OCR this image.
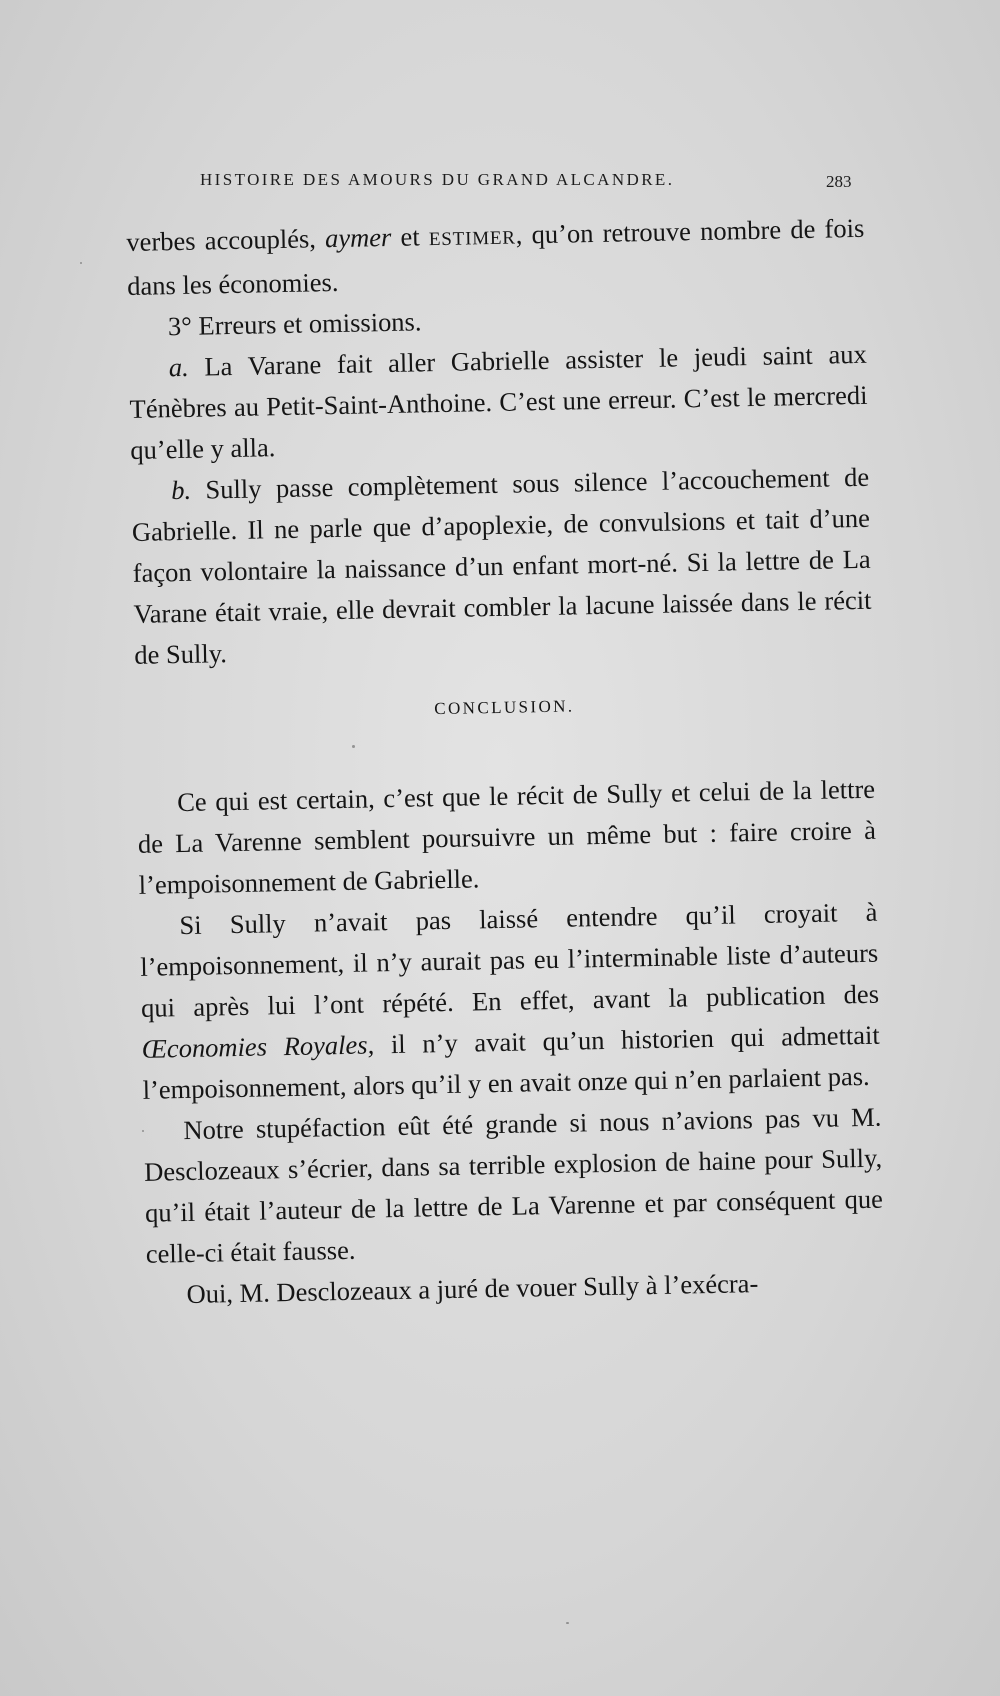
HISTOIRE DES AMOURS DU GRAND ALCANDRE.	283

verbes accouplés, aymer et ESTIMER, qu’on retrouve nombre de fois dans les économies.

3° Erreurs et omissions.

a. La Varane fait aller Gabrielle assister le jeudi saint aux Ténèbres au Petit-Saint-Anthoine. C’est une erreur. C’est le mercredi qu’elle y alla.

b. Sully passe complètement sous silence l’accouchement de Gabrielle. Il ne parle que d’apoplexie, de convulsions et tait d’une façon volontaire la naissance d’un enfant mort-né. Si la lettre de La Varane était vraie, elle devrait combler la lacune laissée dans le récit de Sully.

CONCLUSION.

Ce qui est certain, c’est que le récit de Sully et celui de la lettre de La Varenne semblent poursuivre un même but : faire croire à l’empoisonnement de Gabrielle.

Si Sully n’avait pas laissé entendre qu’il croyait à l’empoisonnement, il n’y aurait pas eu l’interminable liste d’auteurs qui après lui l’ont répété. En effet, avant la publication des Œconomies Royales, il n’y avait qu’un historien qui admettait l’empoisonnement, alors qu’il y en avait onze qui n’en parlaient pas.

Notre stupéfaction eût été grande si nous n’avions pas vu M. Desclozeaux s’écrier, dans sa terrible explosion de haine pour Sully, qu’il était l’auteur de la lettre de La Varenne et par conséquent que celle-ci était fausse.

Oui, M. Desclozeaux a juré de vouer Sully à l’exécra-
